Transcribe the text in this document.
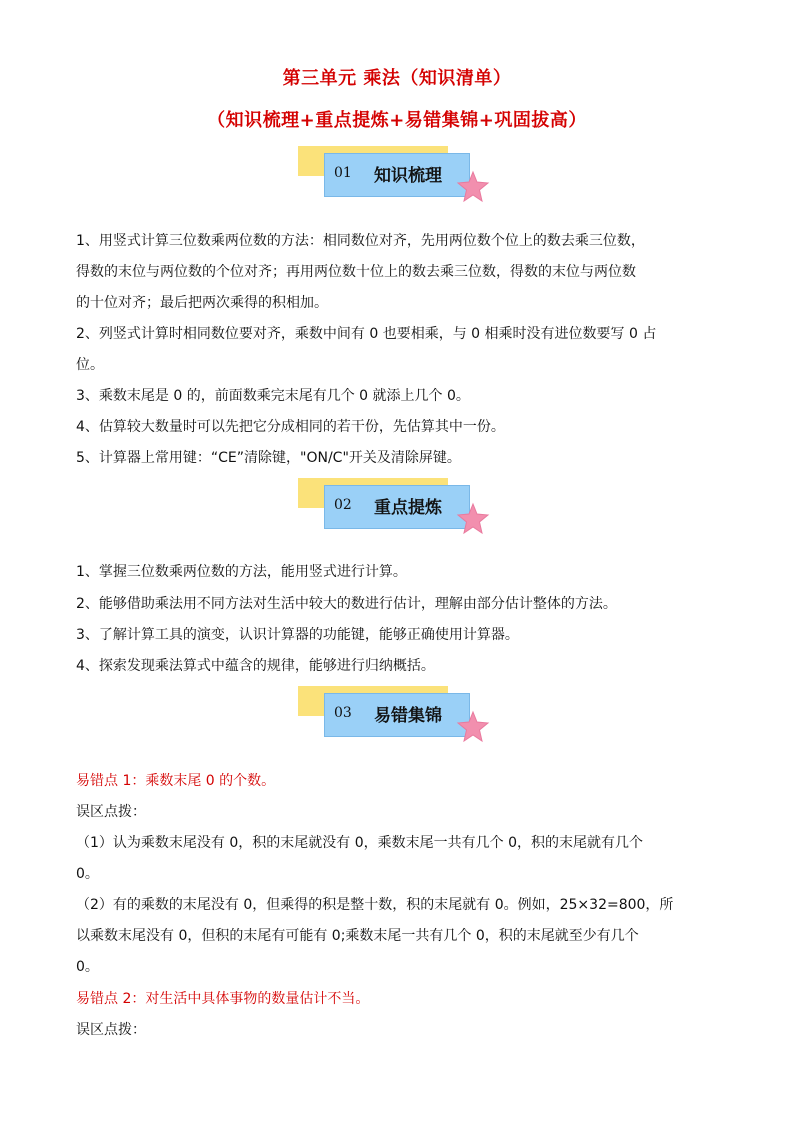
第三单元 乘法（知识清单）
（知识梳理+重点提炼+易错集锦+巩固拔高）
01 知识梳理
1、用竖式计算三位数乘两位数的方法：相同数位对齐，先用两位数个位上的数去乘三位数，
得数的末位与两位数的个位对齐；再用两位数十位上的数去乘三位数，得数的末位与两位数
的十位对齐；最后把两次乘得的积相加。
2、列竖式计算时相同数位要对齐，乘数中间有 0 也要相乘，与 0 相乘时没有进位数要写 0 占
位。
3、乘数末尾是 0 的，前面数乘完末尾有几个 0 就添上几个 0。
4、估算较大数量时可以先把它分成相同的若干份，先估算其中一份。
5、计算器上常用键：“CE”清除键，"ON/C"开关及清除屏键。
02 重点提炼
1、掌握三位数乘两位数的方法，能用竖式进行计算。
2、能够借助乘法用不同方法对生活中较大的数进行估计，理解由部分估计整体的方法。
3、了解计算工具的演变，认识计算器的功能键，能够正确使用计算器。
4、探索发现乘法算式中蕴含的规律，能够进行归纳概括。
03 易错集锦
易错点 1：乘数末尾 0 的个数。
误区点拨：
（1）认为乘数末尾没有 0，积的末尾就没有 0，乘数末尾一共有几个 0，积的末尾就有几个
0。
（2）有的乘数的末尾没有 0，但乘得的积是整十数，积的末尾就有 0。例如，25×32=800，所
以乘数末尾没有 0，但积的末尾有可能有 0;乘数末尾一共有几个 0，积的末尾就至少有几个
0。
易错点 2：对生活中具体事物的数量估计不当。
误区点拨：
